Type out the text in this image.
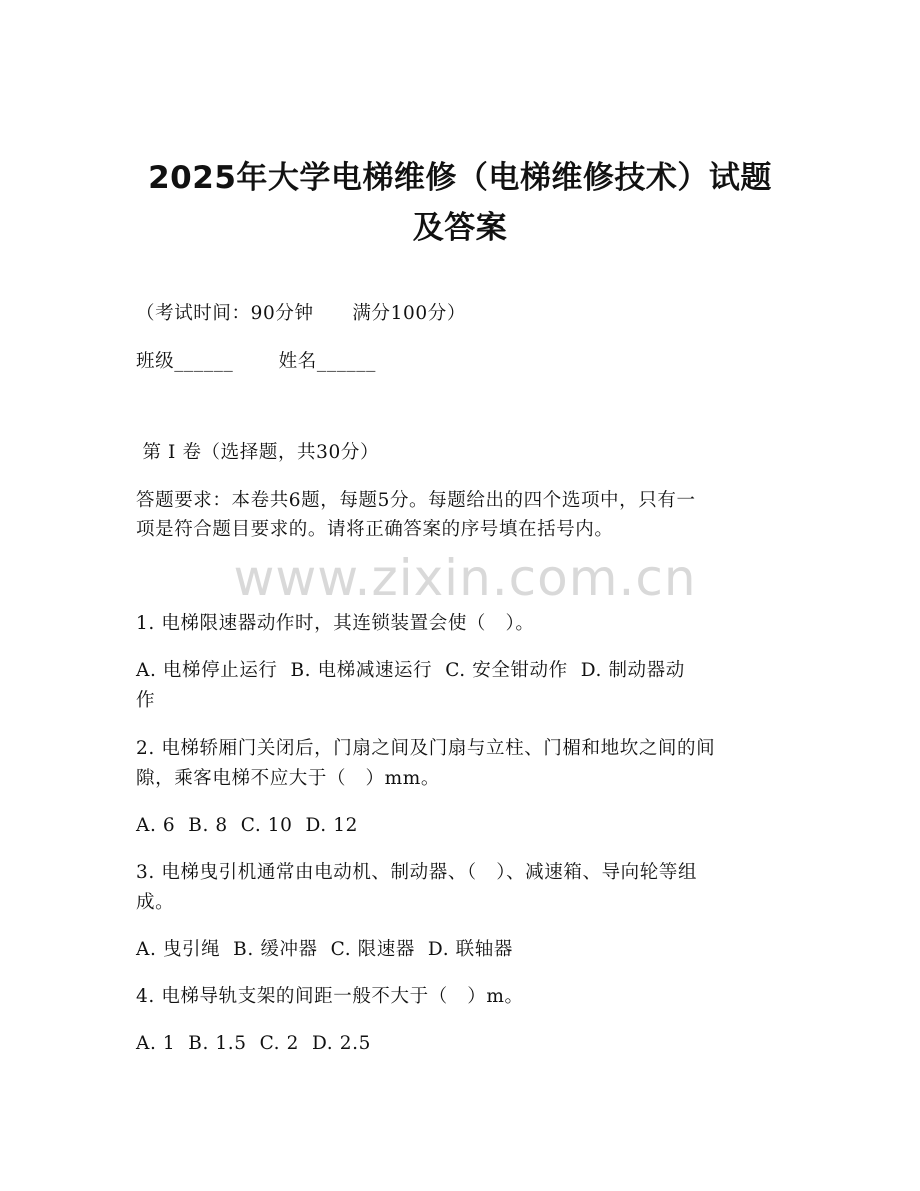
2025年大学电梯维修（电梯维修技术）试题
及答案
（考试时间：90分钟      满分100分）
班级______       姓名______
第 I 卷（选择题，共30分）
答题要求：本卷共6题，每题5分。每题给出的四个选项中，只有一
项是符合题目要求的。请将正确答案的序号填在括号内。
www.zixin.com.cn
1. 电梯限速器动作时，其连锁装置会使（   ）。
A. 电梯停止运行  B. 电梯减速运行  C. 安全钳动作  D. 制动器动
作
2. 电梯轿厢门关闭后，门扇之间及门扇与立柱、门楣和地坎之间的间
隙，乘客电梯不应大于（   ）mm。
A. 6  B. 8  C. 10  D. 12
3. 电梯曳引机通常由电动机、制动器、（   ）、减速箱、导向轮等组
成。
A. 曳引绳  B. 缓冲器  C. 限速器  D. 联轴器
4. 电梯导轨支架的间距一般不大于（   ）m。
A. 1  B. 1.5  C. 2  D. 2.5
